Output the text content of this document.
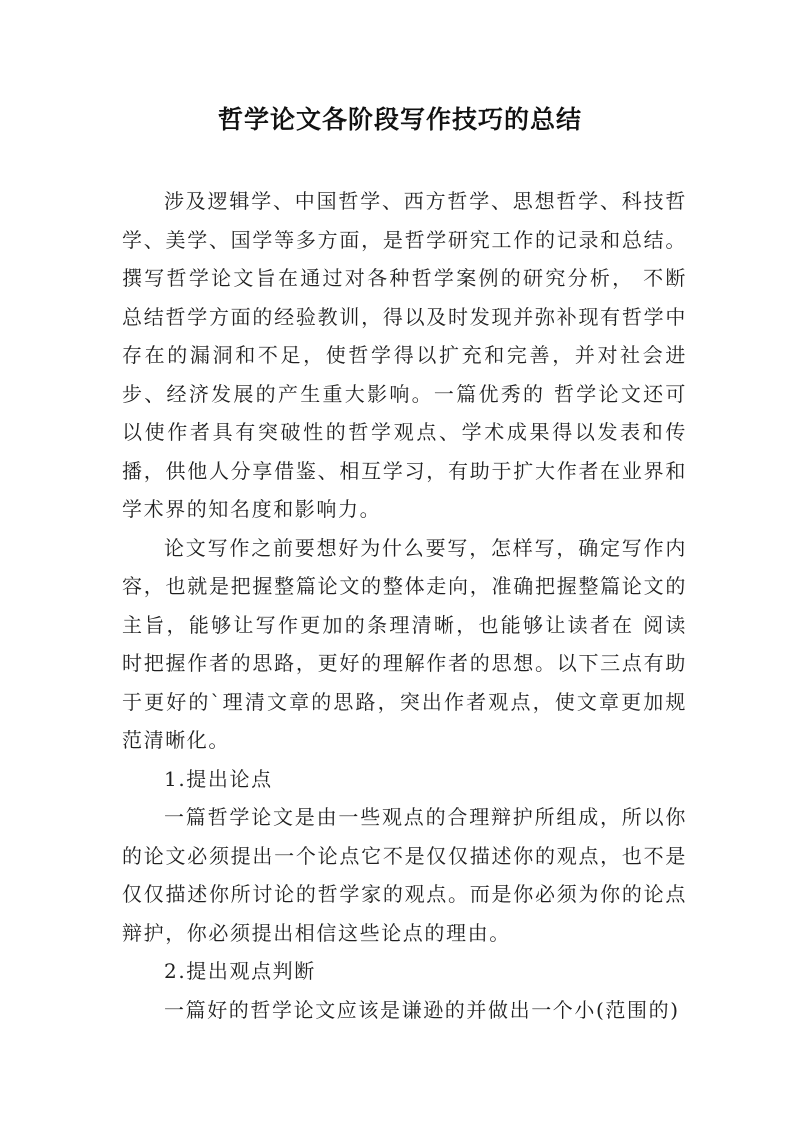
哲学论文各阶段写作技巧的总结

涉及逻辑学、中国哲学、西方哲学、思想哲学、科技哲学、美学、国学等多方面，是哲学研究工作的记录和总结。撰写哲学论文旨在通过对各种哲学案例的研究分析， 不断总结哲学方面的经验教训，得以及时发现并弥补现有哲学中存在的漏洞和不足，使哲学得以扩充和完善，并对社会进步、经济发展的产生重大影响。一篇优秀的 哲学论文还可以使作者具有突破性的哲学观点、学术成果得以发表和传播，供他人分享借鉴、相互学习，有助于扩大作者在业界和学术界的知名度和影响力。

论文写作之前要想好为什么要写，怎样写，确定写作内容，也就是把握整篇论文的整体走向，准确把握整篇论文的主旨，能够让写作更加的条理清晰，也能够让读者在 阅读时把握作者的思路，更好的理解作者的思想。以下三点有助于更好的`理清文章的思路，突出作者观点，使文章更加规范清晰化。

1.提出论点

一篇哲学论文是由一些观点的合理辩护所组成，所以你的论文必须提出一个论点它不是仅仅描述你的观点，也不是仅仅描述你所讨论的哲学家的观点。而是你必须为你的论点辩护，你必须提出相信这些论点的理由。

2.提出观点判断

一篇好的哲学论文应该是谦逊的并做出一个小(范围的)
